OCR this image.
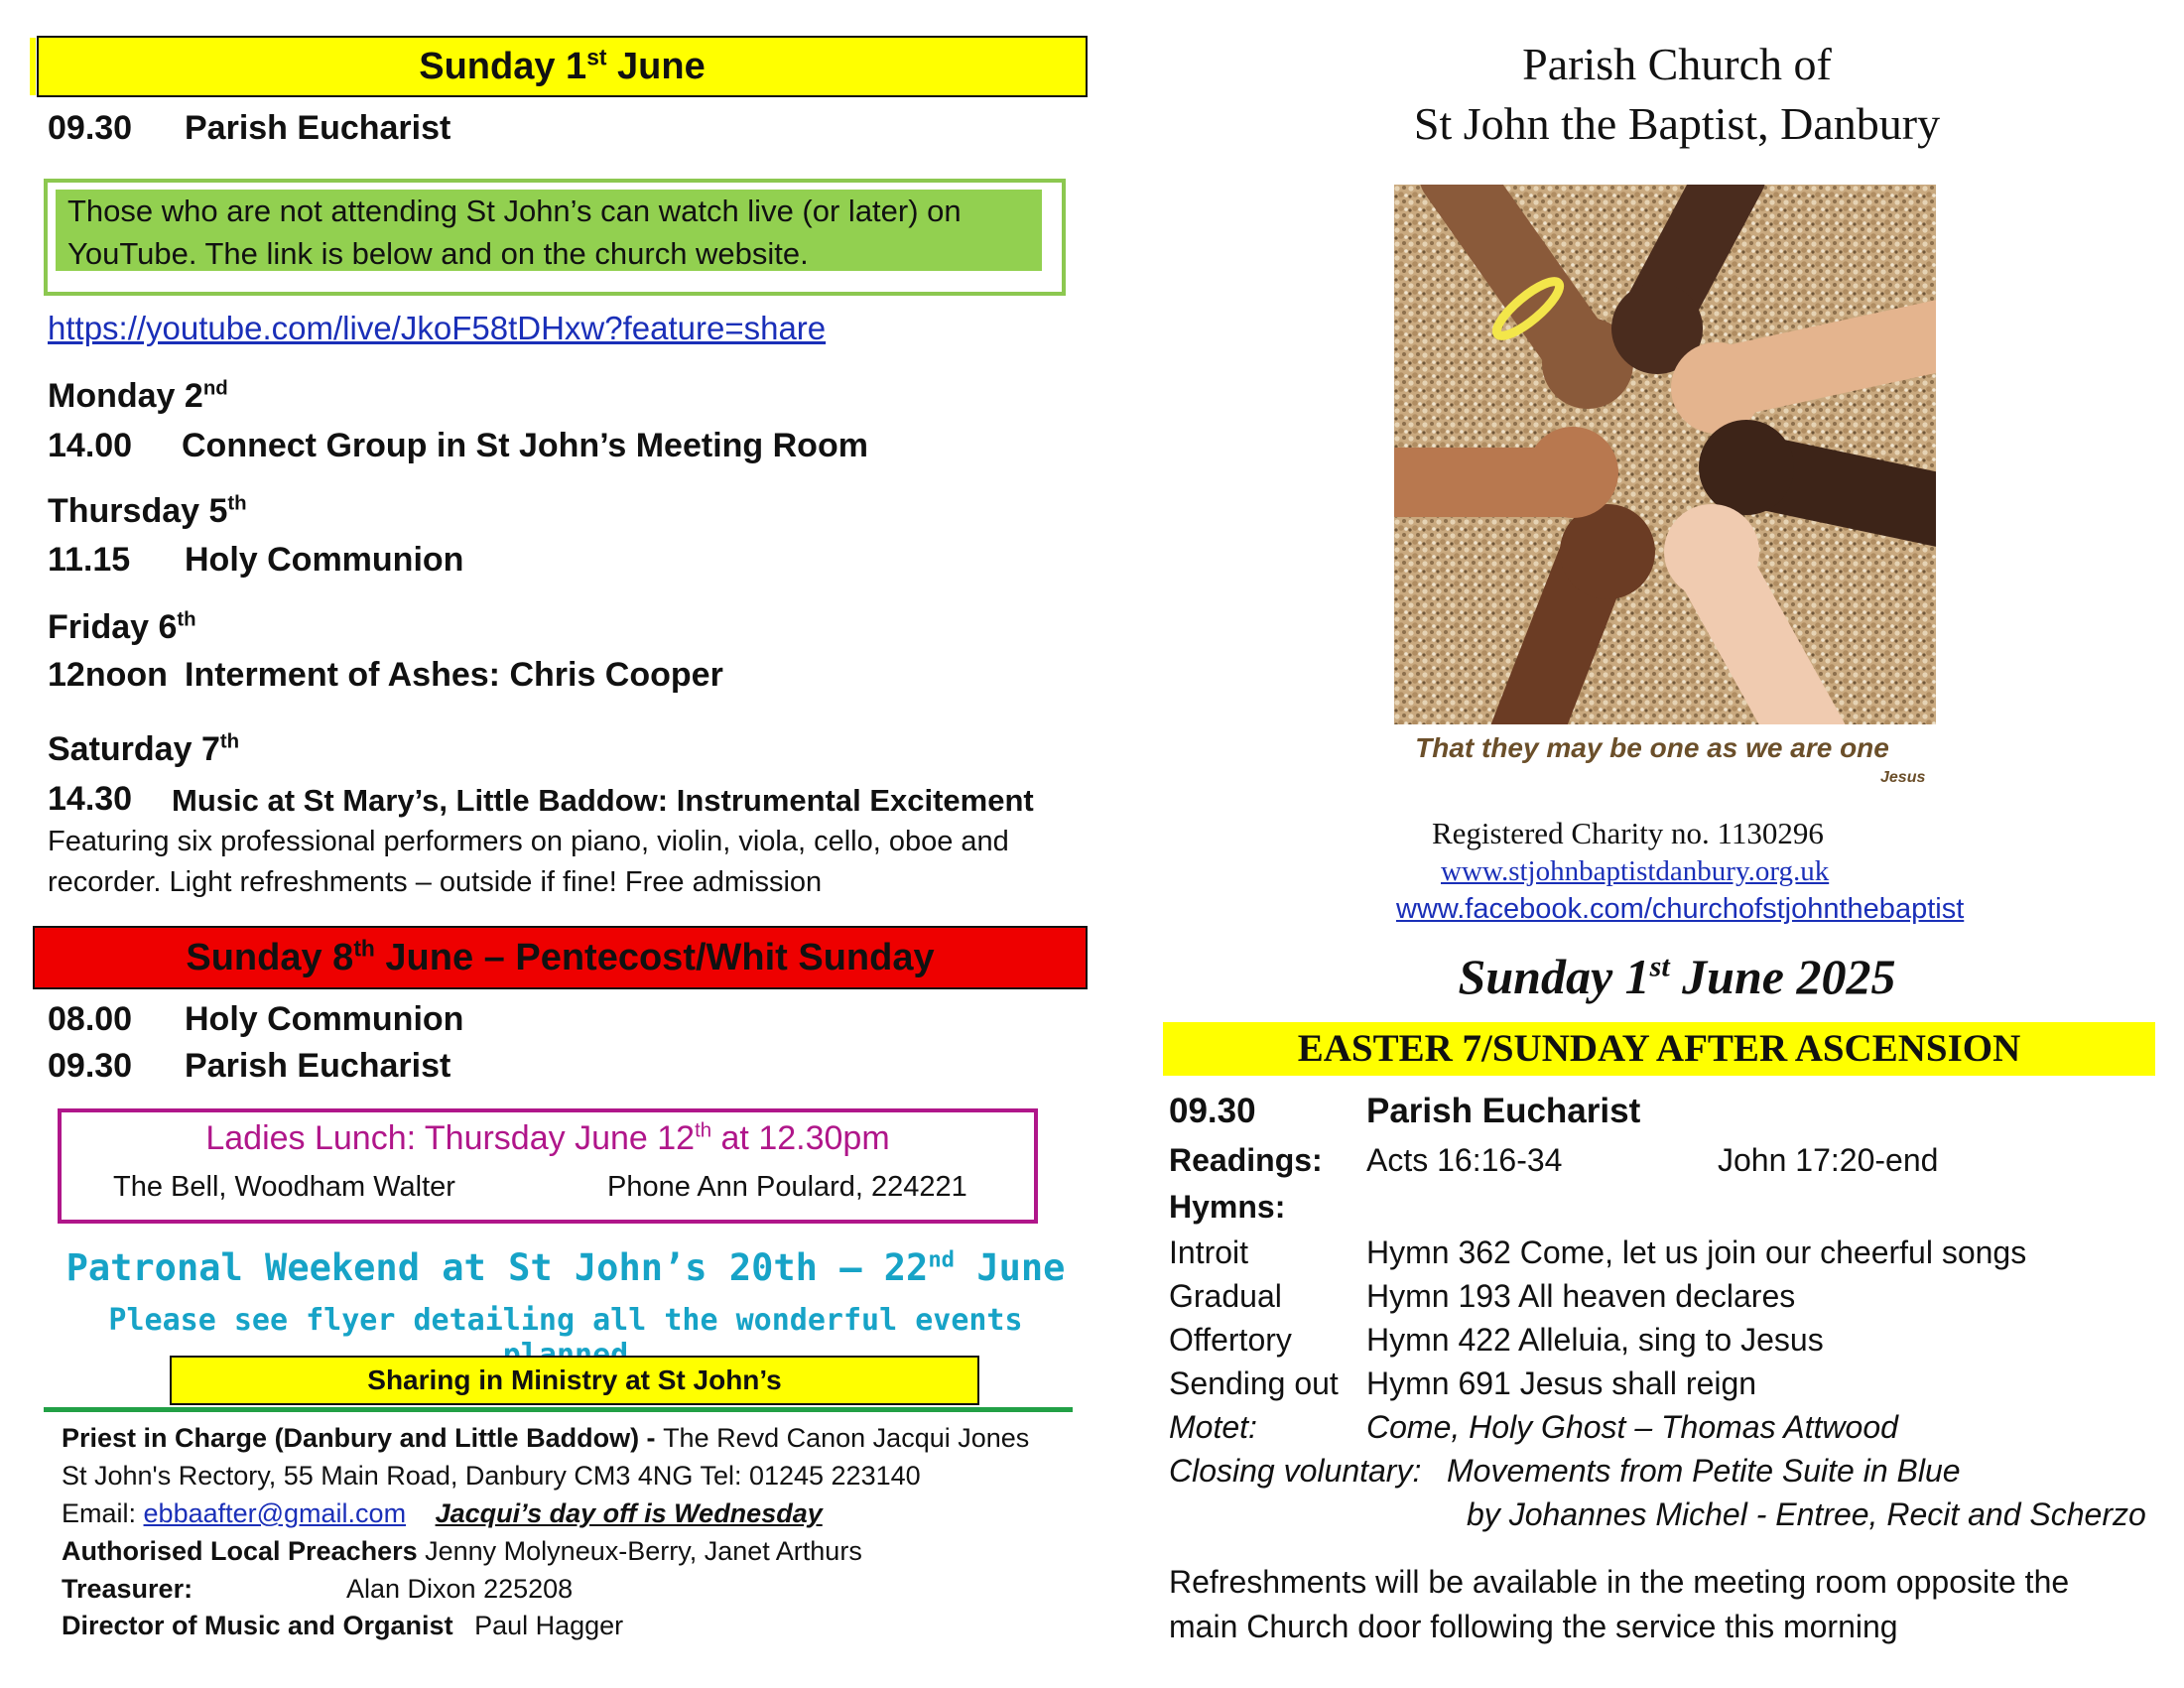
Sunday 1st June
09.30 Parish Eucharist
Those who are not attending St John’s can watch live (or later) on
YouTube. The link is below and on the church website.
https://youtube.com/live/JkoF58tDHxw?feature=share
Monday 2nd
14.00 Connect Group in St John’s Meeting Room
Thursday 5th
11.15 Holy Communion
Friday 6th
12noon Interment of Ashes: Chris Cooper
Saturday 7th
14.30 Music at St Mary’s, Little Baddow: Instrumental Excitement
Featuring six professional performers on piano, violin, viola, cello, oboe and
recorder. Light refreshments – outside if fine! Free admission
Sunday 8th June – Pentecost/Whit Sunday
08.00 Holy Communion
09.30 Parish Eucharist
Ladies Lunch: Thursday June 12th at 12.30pm
The Bell, Woodham Walter	Phone Ann Poulard, 224221
Patronal Weekend at St John’s 20th – 22nd June
Please see flyer detailing all the wonderful events
Sharing in Ministry at St John’s
Priest in Charge (Danbury and Little Baddow) - The Revd Canon Jacqui Jones
St John's Rectory, 55 Main Road, Danbury CM3 4NG Tel: 01245 223140
Email: ebbaafter@gmail.com Jacqui’s day off is Wednesday
Authorised Local Preachers Jenny Molyneux-Berry, Janet Arthurs
Treasurer:	Alan Dixon 225208
Director of Music and Organist Paul Hagger
Parish Church of
St John the Baptist, Danbury
That they may be one as we are one
Jesus
Registered Charity no. 1130296
www.stjohnbaptistdanbury.org.uk
www.facebook.com/churchofstjohnthebaptist
Sunday 1st June 2025
EASTER 7/SUNDAY AFTER ASCENSION
09.30	Parish Eucharist
Readings: Acts 16:16-34	John 17:20-end
Hymns:
Introit	Hymn 362 Come, let us join our cheerful songs
Gradual	Hymn 193 All heaven declares
Offertory Hymn 422 Alleluia, sing to Jesus
Sending out Hymn 691 Jesus shall reign
Motet:	Come, Holy Ghost – Thomas Attwood
Closing voluntary: Movements from Petite Suite in Blue
by Johannes Michel - Entree, Recit and Scherzo
Refreshments will be available in the meeting room opposite the
main Church door following the service this morning
